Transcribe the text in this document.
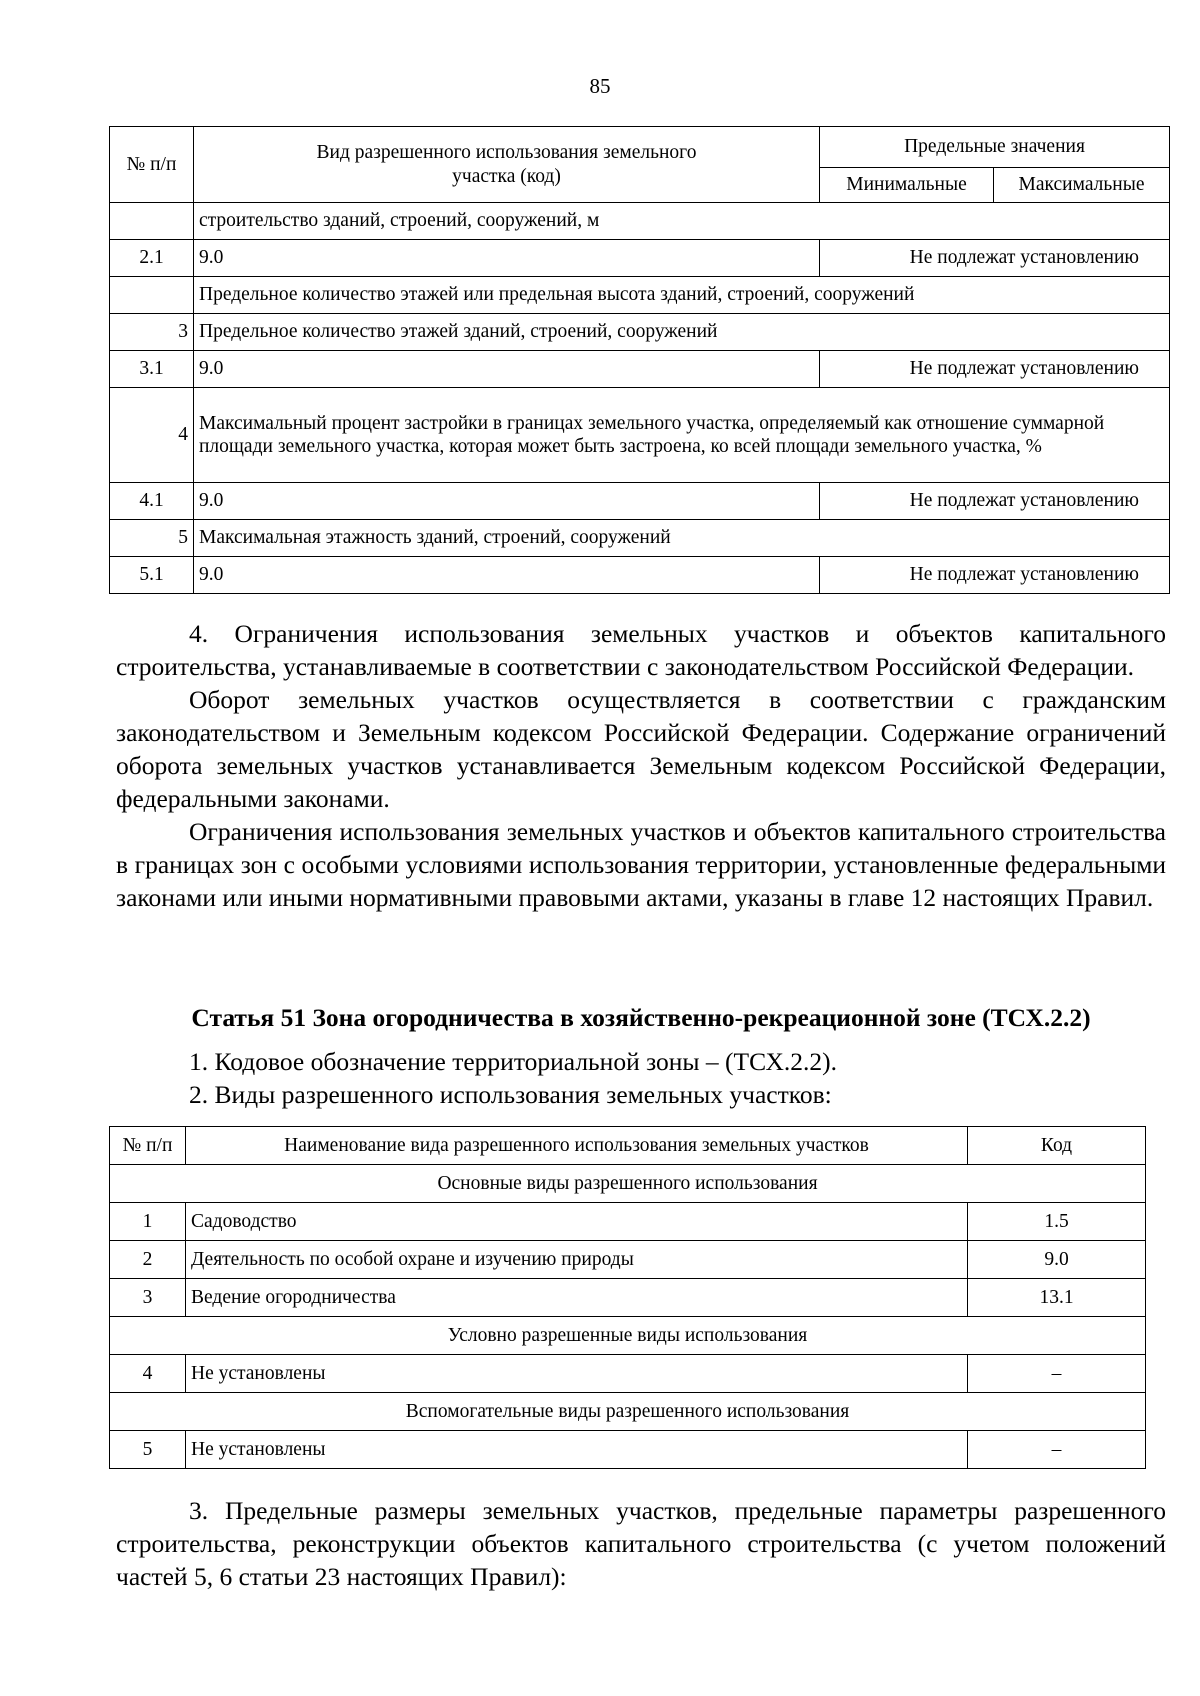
85
№ п/п	Вид разрешенного использования земельного участка (код)	Предельные значения	
		Минимальные	Максимальные
	строительство зданий, строений, сооружений, м		
2.1	9.0	Не подлежат установлению	
	Предельное количество этажей или предельная высота зданий, строений, сооружений		
3	Предельное количество этажей зданий, строений, сооружений		
3.1	9.0	Не подлежат установлению	
4	Максимальный процент застройки в границах земельного участка, определяемый как отношение суммарной площади земельного участка, которая может быть застроена, ко всей площади земельного участка, %		
4.1	9.0	Не подлежат установлению	
5	Максимальная этажность зданий, строений, сооружений		
5.1	9.0	Не подлежат установлению	

4. Ограничения использования земельных участков и объектов капитального строительства, устанавливаемые в соответствии с законодательством Российской Федерации.

Оборот земельных участков осуществляется в соответствии с гражданским законодательством и Земельным кодексом Российской Федерации. Содержание ограничений оборота земельных участков устанавливается Земельным кодексом Российской Федерации, федеральными законами.

Ограничения использования земельных участков и объектов капитального строительства в границах зон с особыми условиями использования территории, установленные федеральными законами или иными нормативными правовыми актами, указаны в главе 12 настоящих Правил.

Статья 51 Зона огородничества в хозяйственно-рекреационной зоне (ТСХ.2.2)
1. Кодовое обозначение территориальной зоны – (ТСХ.2.2).
2. Виды разрешенного использования земельных участков:
№ п/п	Наименование вида разрешенного использования земельных участков	Код
Основные виды разрешенного использования		
1	Садоводство	1.5
2	Деятельность по особой охране и изучению природы	9.0
3	Ведение огородничества	13.1
Условно разрешенные виды использования		
4	Не установлены	–
Вспомогательные виды разрешенного использования		
5	Не установлены	–

3. Предельные размеры земельных участков, предельные параметры разрешенного строительства, реконструкции объектов капитального строительства (с учетом положений частей 5, 6 статьи 23 настоящих Правил):
